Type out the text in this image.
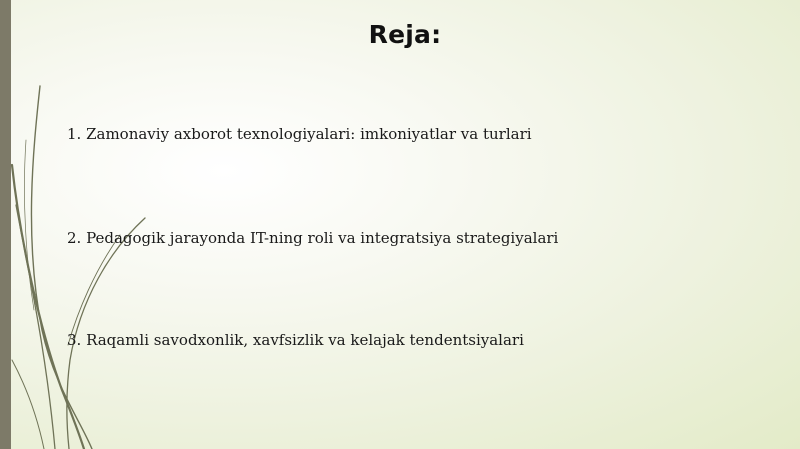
Reja:
1. Zamonaviy axborot texnologiyalari: imkoniyatlar va turlari
2. Pedagogik jarayonda IT-ning roli va integratsiya strategiyalari
3. Raqamli savodxonlik, xavfsizlik va kelajak tendentsiyalari
